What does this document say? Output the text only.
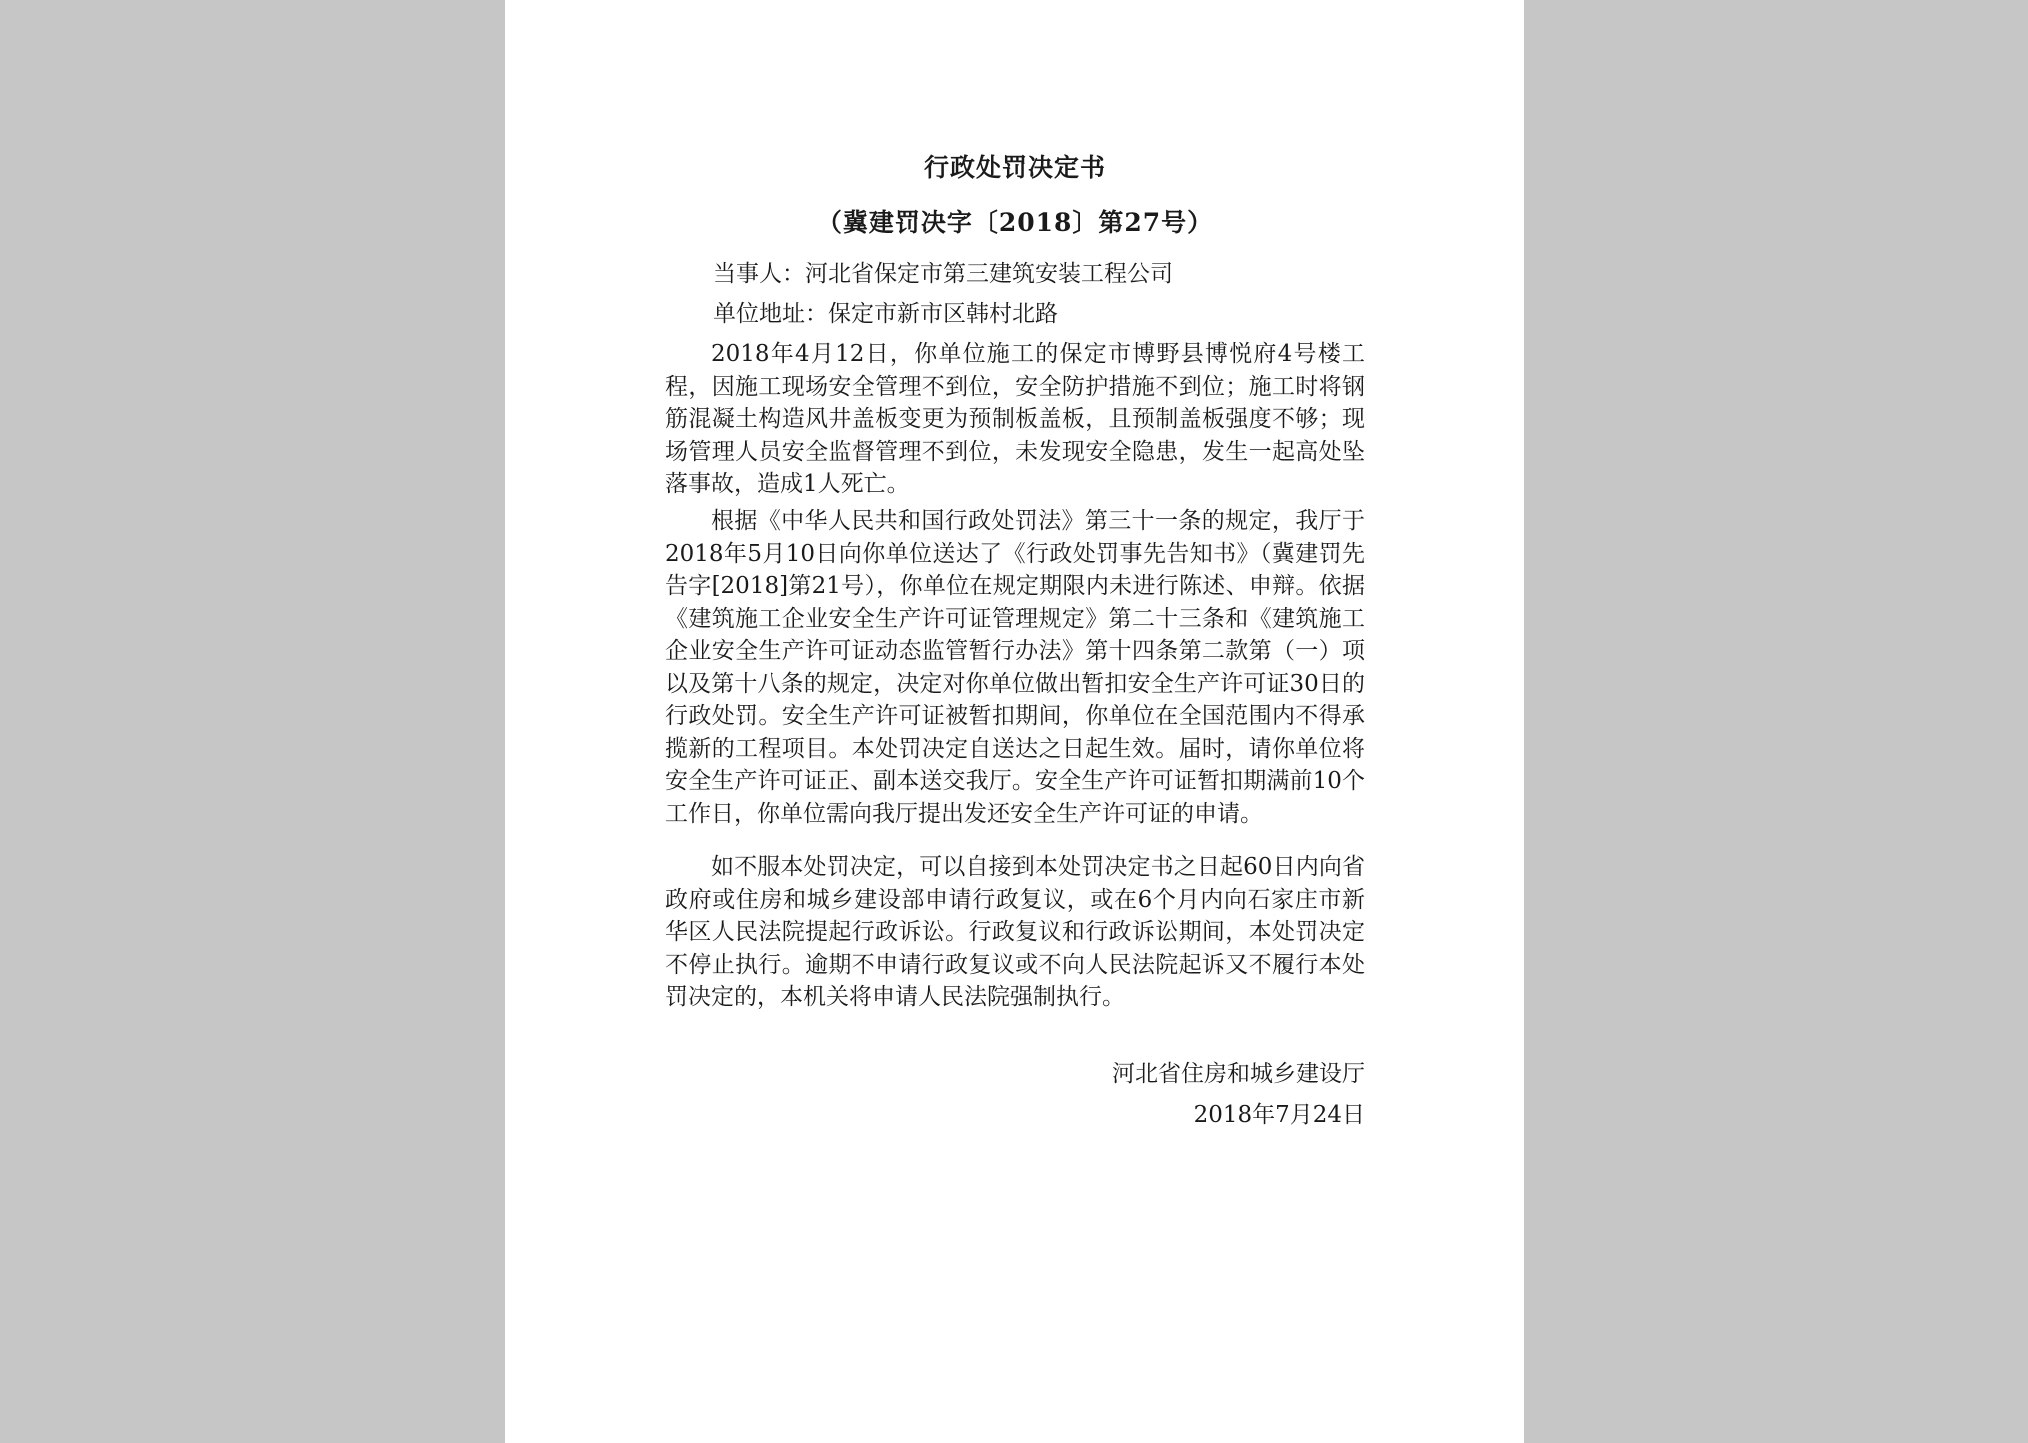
行政处罚决定书
（冀建罚决字〔2018〕第27号）
当事人：河北省保定市第三建筑安装工程公司
单位地址：保定市新市区韩村北路

2018年4月12日，你单位施工的保定市博野县博悦府4号楼工程，因施工现场安全管理不到位，安全防护措施不到位；施工时将钢筋混凝土构造风井盖板变更为预制板盖板，且预制盖板强度不够；现场管理人员安全监督管理不到位，未发现安全隐患，发生一起高处坠落事故，造成1人死亡。

根据《中华人民共和国行政处罚法》第三十一条的规定，我厅于2018年5月10日向你单位送达了《行政处罚事先告知书》（冀建罚先告字[2018]第21号），你单位在规定期限内未进行陈述、申辩。依据《建筑施工企业安全生产许可证管理规定》第二十三条和《建筑施工企业安全生产许可证动态监管暂行办法》第十四条第二款第（一）项以及第十八条的规定，决定对你单位做出暂扣安全生产许可证30日的行政处罚。安全生产许可证被暂扣期间，你单位在全国范围内不得承揽新的工程项目。本处罚决定自送达之日起生效。届时，请你单位将安全生产许可证正、副本送交我厅。安全生产许可证暂扣期满前10个工作日，你单位需向我厅提出发还安全生产许可证的申请。

如不服本处罚决定，可以自接到本处罚决定书之日起60日内向省政府或住房和城乡建设部申请行政复议，或在6个月内向石家庄市新华区人民法院提起行政诉讼。行政复议和行政诉讼期间，本处罚决定不停止执行。逾期不申请行政复议或不向人民法院起诉又不履行本处罚决定的，本机关将申请人民法院强制执行。

河北省住房和城乡建设厅
2018年7月24日
